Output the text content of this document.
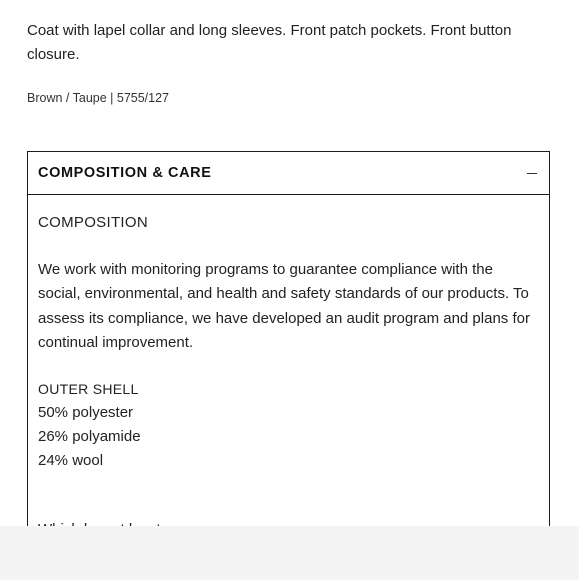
Coat with lapel collar and long sleeves. Front patch pockets. Front button closure.

Brown / Taupe | 5755/127

COMPOSITION & CARE
COMPOSITION

We work with monitoring programs to guarantee compliance with the social, environmental, and health and safety standards of our products. To assess its compliance, we have developed an audit program and plans for continual improvement.

OUTER SHELL
50% polyester
26% polyamide
24% wool
